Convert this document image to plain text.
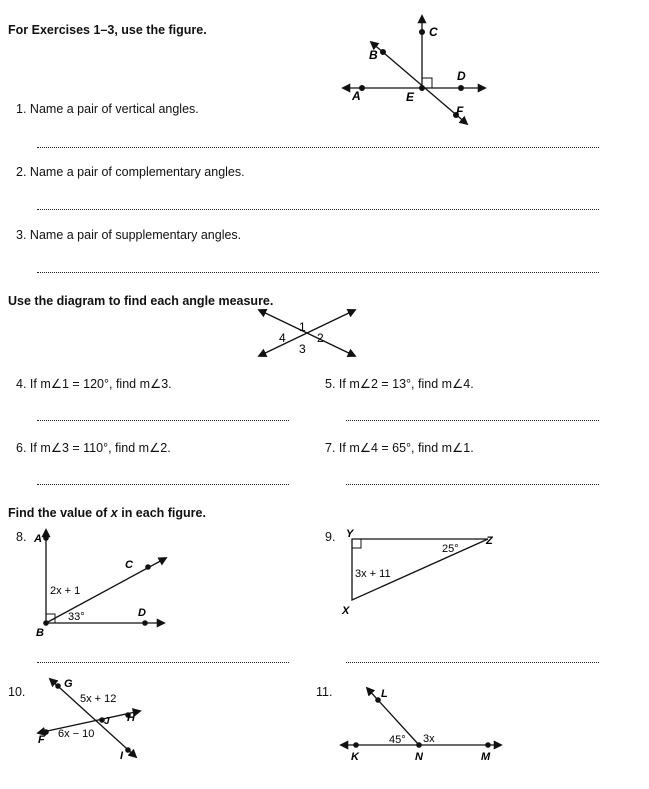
For Exercises 1–3, use the figure.
1. Name a pair of vertical angles.
2. Name a pair of complementary angles.
3. Name a pair of supplementary angles.
C
B
D
A	E
F
Use the diagram to find each angle measure.
1
4	2
3
4. If m∠1 = 120°, find m∠3.	5. If m∠2 = 13°, find m∠4.
6. If m∠3 = 110°, find m∠2.	7. If m∠4 = 65°, find m∠1.
Find the value of x in each figure.
8. A
B
C
D
2x + 1
33°
9. Y
Z
X
3x + 11
25°
10.
G
H
J
F
I
5x + 12
6x − 10
11.	L
K	N	M
45° 3x
